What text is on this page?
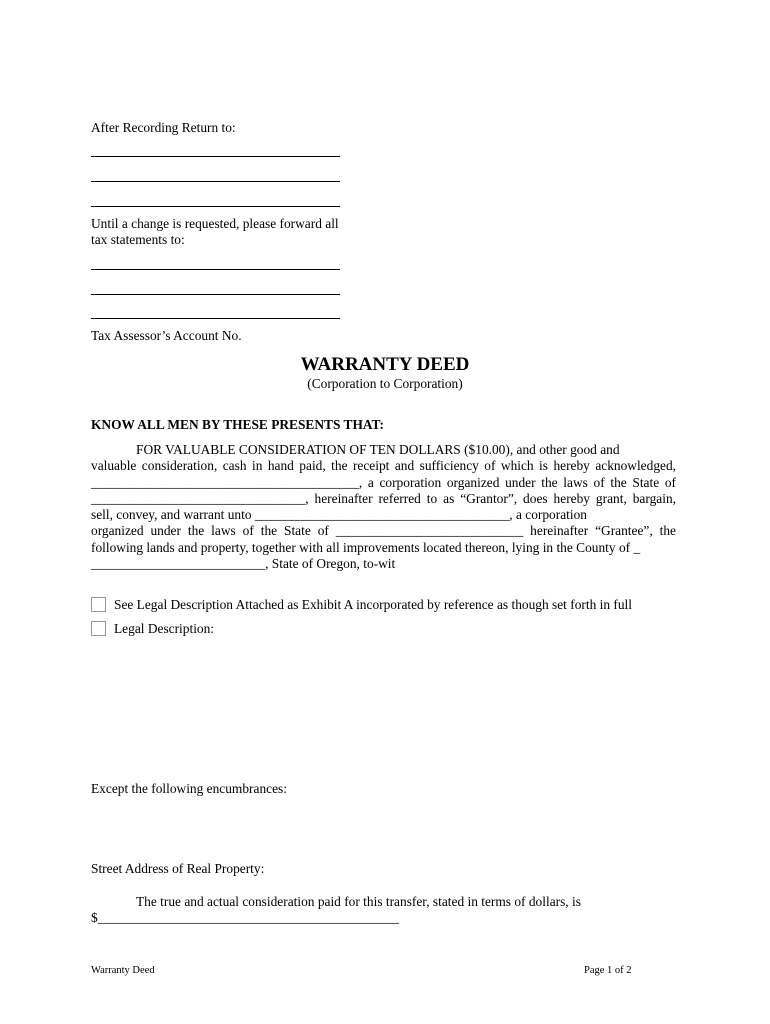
After Recording Return to:
Until a change is requested, please forward all
tax statements to:
Tax Assessor’s Account No.
WARRANTY DEED
(Corporation to Corporation)
KNOW ALL MEN BY THESE PRESENTS THAT:
FOR VALUABLE CONSIDERATION OF TEN DOLLARS ($10.00), and other good and
valuable consideration, cash in hand paid, the receipt and sufficiency of which is hereby acknowledged,
________________________________________, a corporation organized under the laws of the State of
________________________________, hereinafter referred to as “Grantor”, does hereby grant, bargain,
sell, convey, and warrant unto ______________________________________, a corporation
organized under the laws of the State of ____________________________ hereinafter “Grantee”, the
following lands and property, together with all improvements located thereon, lying in the County of _
__________________________, State of Oregon, to-wit
See Legal Description Attached as Exhibit A incorporated by reference as though set forth in full
Legal Description:
Except the following encumbrances:
Street Address of Real Property:
The true and actual consideration paid for this transfer, stated in terms of dollars, is
$_____________________________________________
Warranty Deed	Page 1 of 2
